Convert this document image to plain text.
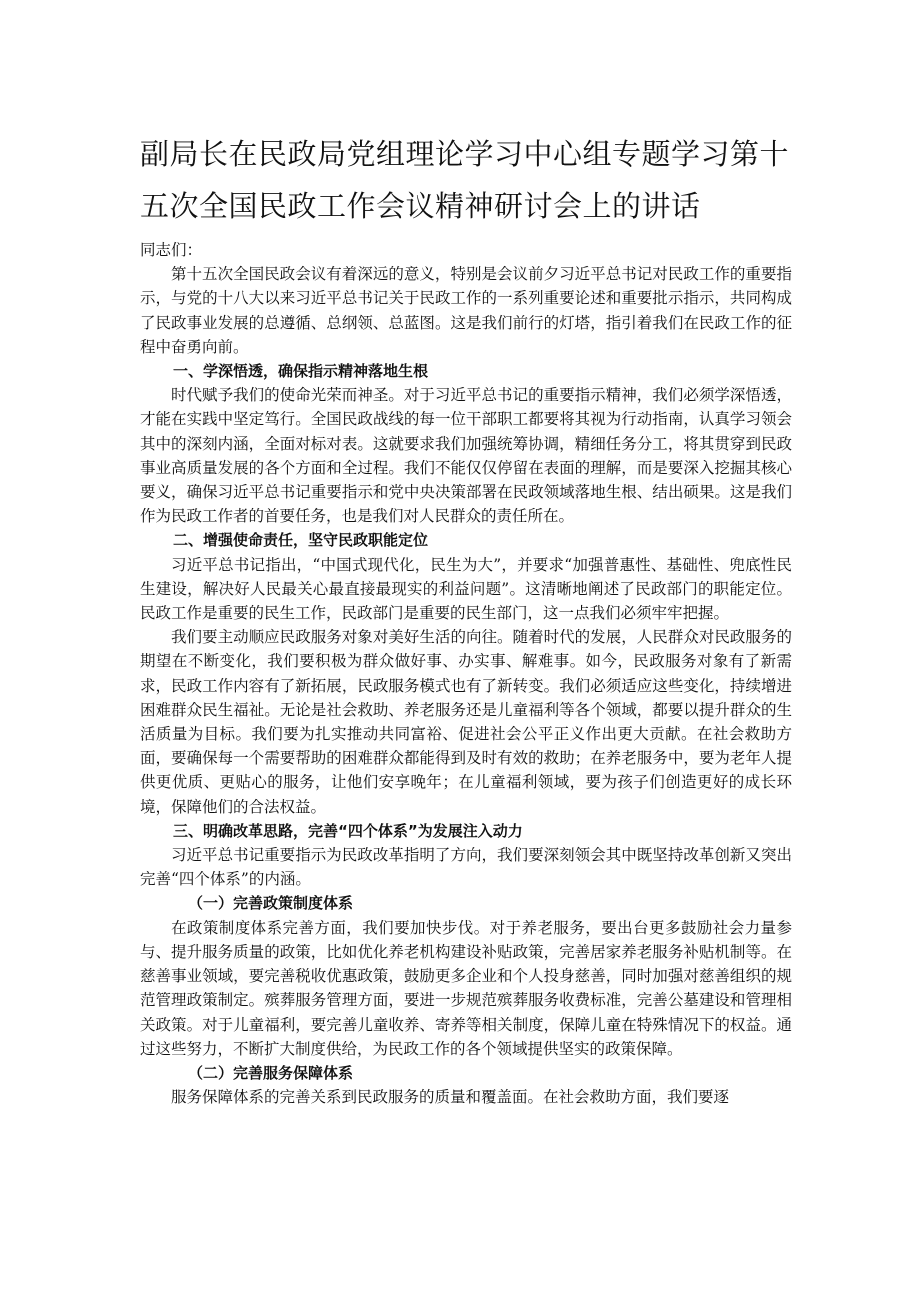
副局长在民政局党组理论学习中心组专题学习第十五次全国民政工作会议精神研讨会上的讲话

同志们：

第十五次全国民政会议有着深远的意义，特别是会议前夕习近平总书记对民政工作的重要指示，与党的十八大以来习近平总书记关于民政工作的一系列重要论述和重要批示指示，共同构成了民政事业发展的总遵循、总纲领、总蓝图。这是我们前行的灯塔，指引着我们在民政工作的征程中奋勇向前。

一、学深悟透，确保指示精神落地生根

时代赋予我们的使命光荣而神圣。对于习近平总书记的重要指示精神，我们必须学深悟透，才能在实践中坚定笃行。全国民政战线的每一位干部职工都要将其视为行动指南，认真学习领会其中的深刻内涵，全面对标对表。这就要求我们加强统筹协调，精细任务分工，将其贯穿到民政事业高质量发展的各个方面和全过程。我们不能仅仅停留在表面的理解，而是要深入挖掘其核心要义，确保习近平总书记重要指示和党中央决策部署在民政领域落地生根、结出硕果。这是我们作为民政工作者的首要任务，也是我们对人民群众的责任所在。

二、增强使命责任，坚守民政职能定位

习近平总书记指出，“中国式现代化，民生为大”，并要求“加强普惠性、基础性、兜底性民生建设，解决好人民最关心最直接最现实的利益问题”。这清晰地阐述了民政部门的职能定位。民政工作是重要的民生工作，民政部门是重要的民生部门，这一点我们必须牢牢把握。

我们要主动顺应民政服务对象对美好生活的向往。随着时代的发展，人民群众对民政服务的期望在不断变化，我们要积极为群众做好事、办实事、解难事。如今，民政服务对象有了新需求，民政工作内容有了新拓展，民政服务模式也有了新转变。我们必须适应这些变化，持续增进困难群众民生福祉。无论是社会救助、养老服务还是儿童福利等各个领域，都要以提升群众的生活质量为目标。我们要为扎实推动共同富裕、促进社会公平正义作出更大贡献。在社会救助方面，要确保每一个需要帮助的困难群众都能得到及时有效的救助；在养老服务中，要为老年人提供更优质、更贴心的服务，让他们安享晚年；在儿童福利领域，要为孩子们创造更好的成长环境，保障他们的合法权益。

三、明确改革思路，完善“四个体系”为发展注入动力

习近平总书记重要指示为民政改革指明了方向，我们要深刻领会其中既坚持改革创新又突出完善“四个体系”的内涵。

（一）完善政策制度体系

在政策制度体系完善方面，我们要加快步伐。对于养老服务，要出台更多鼓励社会力量参与、提升服务质量的政策，比如优化养老机构建设补贴政策，完善居家养老服务补贴机制等。在慈善事业领域，要完善税收优惠政策，鼓励更多企业和个人投身慈善，同时加强对慈善组织的规范管理政策制定。殡葬服务管理方面，要进一步规范殡葬服务收费标准，完善公墓建设和管理相关政策。对于儿童福利，要完善儿童收养、寄养等相关制度，保障儿童在特殊情况下的权益。通过这些努力，不断扩大制度供给，为民政工作的各个领域提供坚实的政策保障。

（二）完善服务保障体系

服务保障体系的完善关系到民政服务的质量和覆盖面。在社会救助方面，我们要逐
